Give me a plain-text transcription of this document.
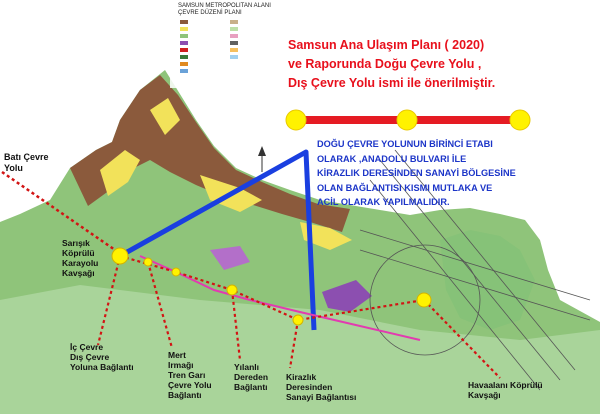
SAMSUN METROPOLITAN ALANI
ÇEVRE DÜZENİ PLANI
Samsun Ana Ulaşım Planı ( 2020)
ve Raporunda Doğu Çevre Yolu ,
Dış Çevre Yolu ismi ile önerilmiştir.
DOĞU ÇEVRE YOLUNUN BİRİNCİ ETABI
OLARAK ,ANADOLU BULVARI İLE
KİRAZLIK DERESİNDEN SANAYİ BÖLGESİNE
OLAN BAĞLANTISI KISMI MUTLAKA VE
ACİL OLARAK YAPILMALIDIR.
Batı Çevre
Yolu
Sarışık
Köprülü
Karayolu
Kavşağı
İç Çevre
Dış Çevre
Yoluna Bağlantı
Mert
Irmağı
Tren Garı
Çevre Yolu
Bağlantı
Yılanlı
Dereden
Bağlantı
Kirazlık
Deresinden
Sanayi Bağlantısı
Havaalanı Köprülü
Kavşağı
